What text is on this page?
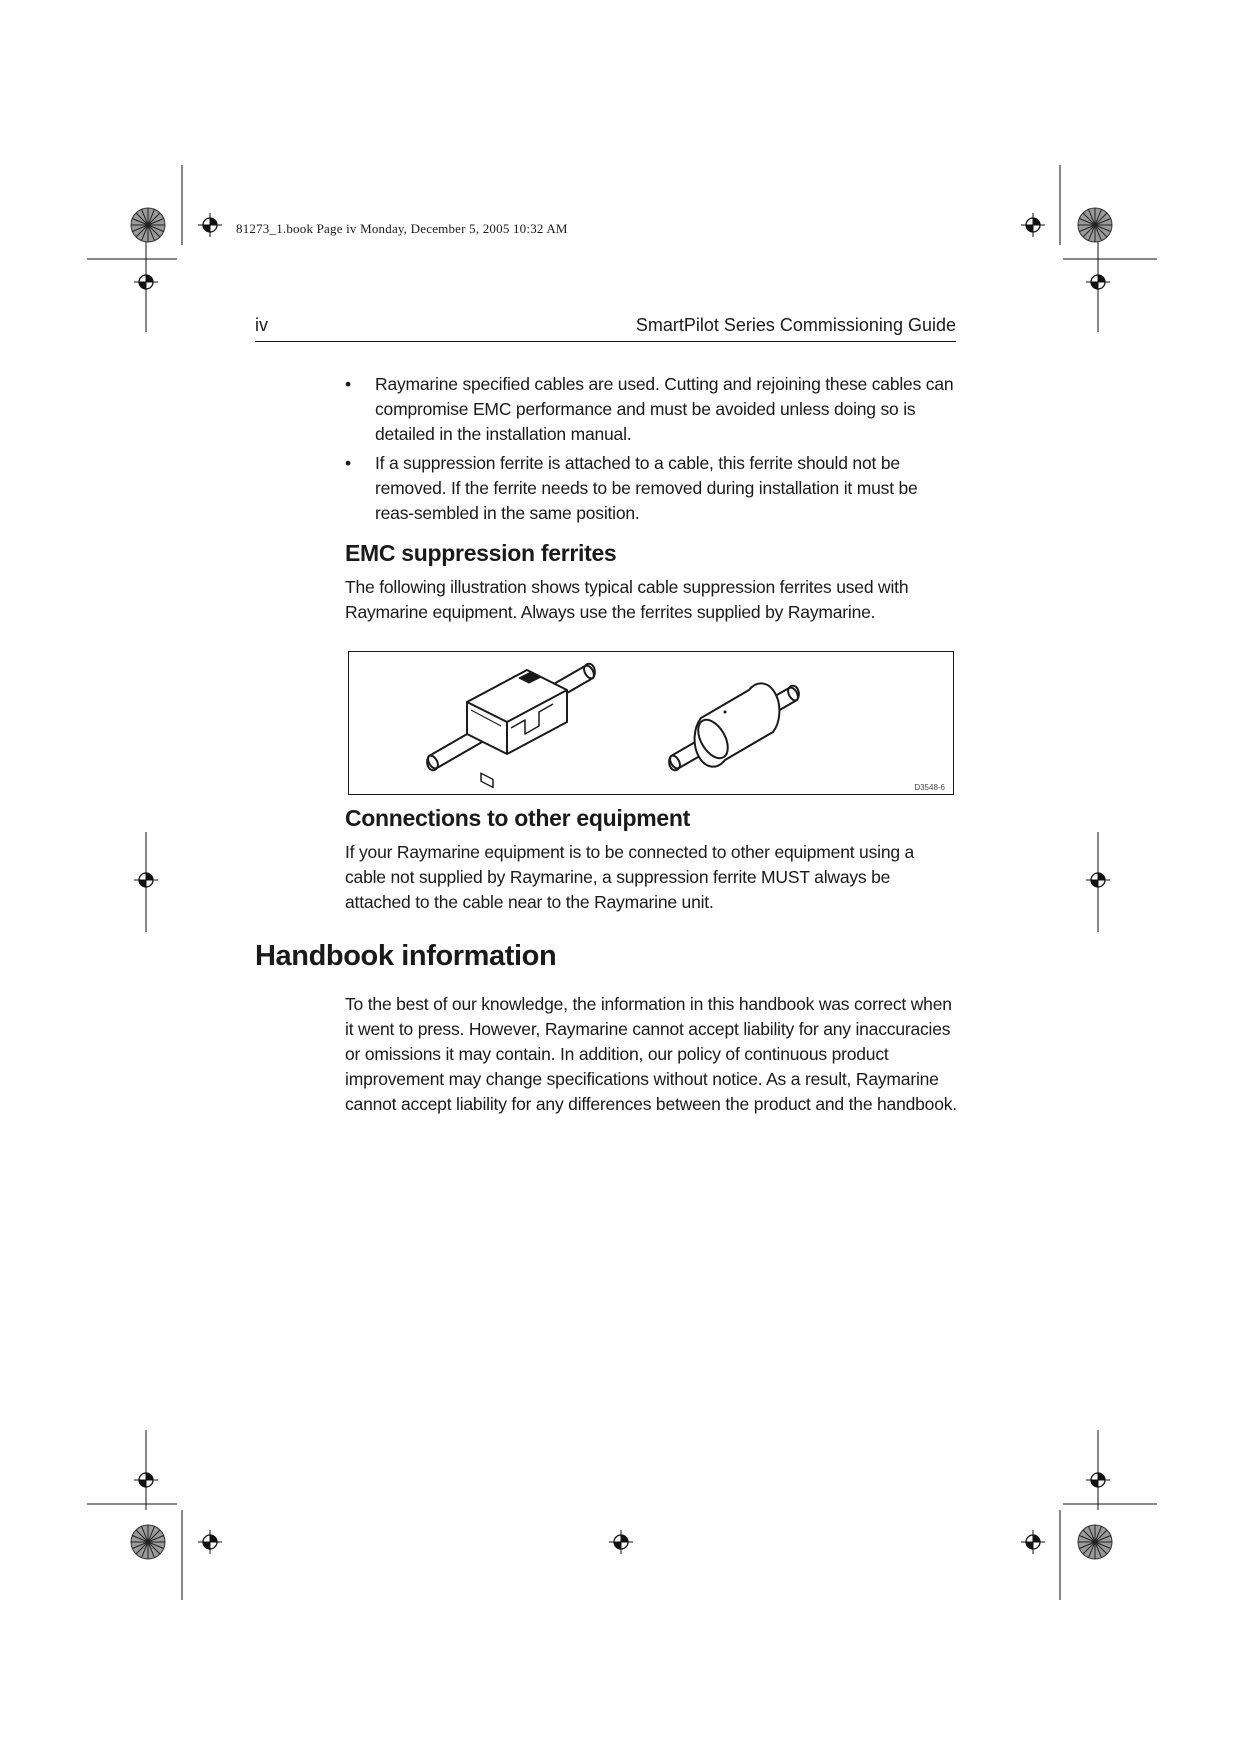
81273_1.book Page iv Monday, December 5, 2005 10:32 AM
iv	SmartPilot Series Commissioning Guide
• Raymarine specified cables are used. Cutting and rejoining these cables can compromise EMC performance and must be avoided unless doing so is detailed in the installation manual.
• If a suppression ferrite is attached to a cable, this ferrite should not be removed. If the ferrite needs to be removed during installation it must be reas-sembled in the same position.
EMC suppression ferrites
The following illustration shows typical cable suppression ferrites used with Raymarine equipment. Always use the ferrites supplied by Raymarine.
D3548-6
Connections to other equipment
If your Raymarine equipment is to be connected to other equipment using a cable not supplied by Raymarine, a suppression ferrite MUST always be attached to the cable near to the Raymarine unit.
Handbook information
To the best of our knowledge, the information in this handbook was correct when it went to press. However, Raymarine cannot accept liability for any inaccuracies or omissions it may contain. In addition, our policy of continuous product improvement may change specifications without notice. As a result, Raymarine cannot accept liability for any differences between the product and the handbook.
